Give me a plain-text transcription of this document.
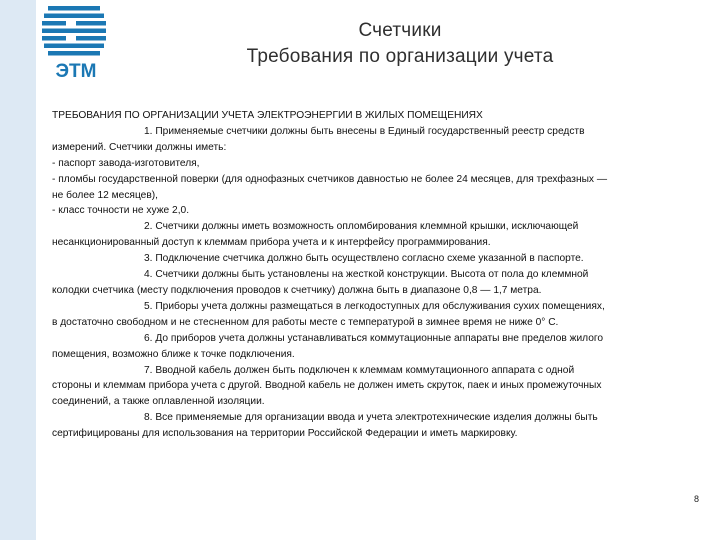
ЭТМ
Счетчики
Требования по организации учета

ТРЕБОВАНИЯ ПО ОРГАНИЗАЦИИ УЧЕТА ЭЛЕКТРОЭНЕРГИИ В ЖИЛЫХ ПОМЕЩЕНИЯХ

1. Применяемые счетчики должны быть внесены в Единый государственный реестр средств измерений. Счетчики должны иметь:

- паспорт завода-изготовителя,

- пломбы государственной поверки (для однофазных счетчиков давностью не более 24 месяцев, для трехфазных — не более 12 месяцев),

- класс точности не хуже 2,0.

2. Счетчики должны иметь возможность опломбирования клеммной крышки, исключающей несанкционированный доступ к клеммам прибора учета и к интерфейсу программирования.

3. Подключение счетчика должно быть осуществлено согласно схеме указанной в паспорте.

4. Счетчики должны быть установлены на жесткой конструкции. Высота от пола до клеммной колодки счетчика (месту подключения проводов к счетчику) должна быть в диапазоне 0,8 — 1,7 метра.

5. Приборы учета должны размещаться в легкодоступных для обслуживания сухих помещениях, в достаточно свободном и не стесненном для работы месте с температурой в зимнее время не ниже 0° С.

6. До приборов учета должны устанавливаться коммутационные аппараты вне пределов жилого помещения, возможно ближе к точке подключения.

7. Вводной кабель должен быть подключен к клеммам коммутационного аппарата с одной стороны и клеммам прибора учета с другой. Вводной кабель не должен иметь скруток, паек и иных промежуточных соединений, а также оплавленной изоляции.

8. Все применяемые для организации ввода и учета электротехнические изделия должны быть сертифицированы для использования на территории Российской Федерации и иметь маркировку.

8
